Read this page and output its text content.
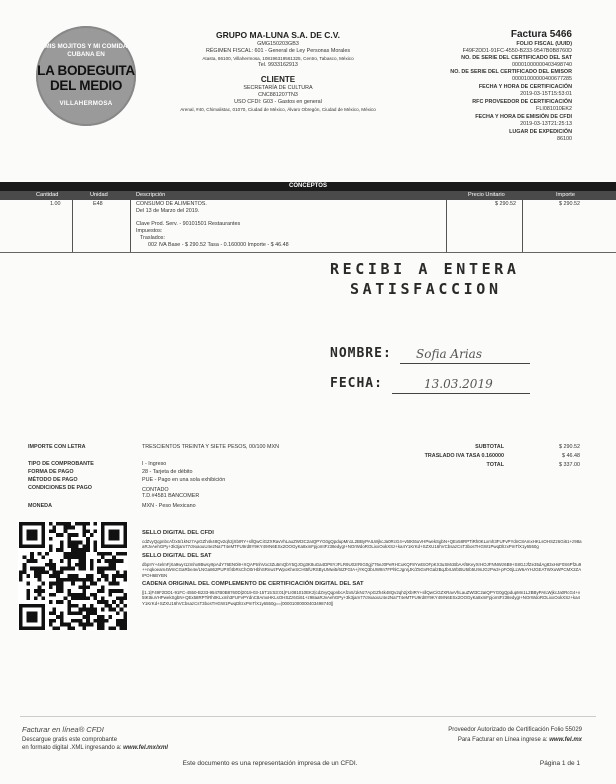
MIS MOJITOS Y MI COMIDA CUBANA EN
LA BODEGUITA DEL MEDIO
VILLAHERMOSA
GRUPO MA-LUNA S.A. DE C.V.
GMG150203GB3
RÉGIMEN FISCAL: 601 - General de Ley Personas Morales
Atasta, 86100, Villahermosa, 108196319561325, Centro, Tabasco, México
Tel. 9933162913
CLIENTE
SECRETARÍA DE CULTURA
CNC881207TN3
USO CFDI: G03 - Gastos en general
Arenal, #40, Chimalistac, 01070, Ciudad de México, Álvaro Obregón, Ciudad de México, México
Factura 5466
FOLIO FISCAL (UUID)
F49F2DD1-91FC-4550-B233-9547B0B8760D
NO. DE SERIE DEL CERTIFICADO DEL SAT
00001000000403498740
NO. DE SERIE DEL CERTIFICADO DEL EMISOR
00001000000400677285
FECHA Y HORA DE CERTIFICACIÓN
2019-03-15T15:53:01
RFC PROVEEDOR DE CERTIFICACIÓN
FLI081010EK2
FECHA Y HORA DE EMISIÓN DE CFDI
2019-03-13T21:25:13
LUGAR DE EXPEDICIÓN
86100
CONCEPTOS
Cantidad	Unidad	Descripción	Precio Unitario	Importe
1.00	E48	CONSUMO DE ALIMENTOS.
Del 13 de Marzo del 2019.
Clave Prod. Serv. - 90101501 Restaurantes
Impuestos:
Traslados:
002 IVA Base - $ 290.52 Tasa - 0.160000 Importe - $ 46.48
$ 290.52	$ 290.52
RECIBI A ENTERA
SATISFACCION
NOMBRE: Sofia Arias
FECHA:	13.03.2019
IMPORTE CON LETRA	TRESCIENTOS TREINTA Y SIETE PESOS, 00/100 MXN	SUBTOTAL	$ 290.52
TRASLADO IVA TASA 0.160000	$ 46.48
TOTAL	$ 337.00
TIPO DE COMPROBANTE	I - Ingreso
FORMA DE PAGO	28 - Tarjeta de débito
MÉTODO DE PAGO	PUE - Pago en una sola exhibición
CONDICIONES DE PAGO	CONTADO
T.D.#4581 BANCOMER
MONEDA	MXN - Peso Mexicano
SELLO DIGITAL DEL CFDI
cdZvyQqpnbcAfzx5/1kNz7ApGZh4k48Qv2qh2jXbIRY+sllQwCiGZXRavVhLauZWt3C2aIQPYG0gQpdupMn1L2BByPAILWjkcJa0RcG4+v5tKt6uVHPwekSgbN+QEx58RPTiRh0KLxmh3FUFvPYdnC8AmxHKLsOHSZz6Gi61+z98aaRJvAehGPy+3k3jam77c9oaouU4e2Na7T4eMTFU9rd8Y9KY49rN6ESx2OOGyKa8xmFpjomtFz38edygI+NOrWdoROLixxOokXSz+ka4Y1KrKd+SZXU16hVCbsazCsT3bosTHGW1PwqDlIzxPmTlX1y6550g
SELLO DIGITAL DEL SAT
dbpIIY+4elmFjXa9wyI12mhx9Bwsy9pAdY76EN0i9+XQAPtnhVoc3Zu5mQbY5QJOg3K8uGa4DP8YJFLR9U02rRIG0gj776eJ0PeRHCuKQF8YwtSOFpKX3uSMcBbAAf6KeyXrHOJFNNWz6B9+S8GJJfZe35dAg83xHsF0S6Pf2u9++nqkoeam4WmCGaRbe4e/LNGa862PUPXf4bRsChO0rHbhSRnwzFWpoKheSCHt5fURSByUMwi5/6IZFGtA+jYKQ3bUW8n7FPhlCJgnrjJK/Z5GvRGal2BqJbrLWbt5U5Ib5U9nJGzPw3+pFO0jLLW6AYHJGEATWXuWPCMX2ZAIPOH6BYBN
CADENA ORIGINAL DEL COMPLEMENTO DE CERTIFICACIÓN DIGITAL DEL SAT
||1.1|F49F2DD1-91FC-4550-B233-9547B0B8760D|2019-03-15T15:53:01|FLI081010EK2|cdZvyQqpnbcAfzx5/1kNz7ApGZh4k48Qv2qh2jXbIRY+sllQwCiGZXRavVhLauZWt3C2aIQPYG0gQpdupMn1L2BByPAILWjkcJa0RcG4+v5tKt6uVHPwekSgbN+QEx58RPTiRh0KLxmh3FUFvPYdnC8AmxHKLsOHSZz6Gi61+z98aaRJvAehGPy+3k3jam77c9oaouU4e2Na7T4eMTFU9rd8Y9KY49rN6ESx2OOGyKa8xmFpjomtFz38edygI+NOrWdoROLixxOokXSz+ka4Y1KrKd+SZXU16hVCbsazCsT3bosTHGW1PwqDlIzxPmTlX1y6550g==|00001000000403498740||
Facturar en línea® CFDI
Descargue gratis este comprobante
en formato digital .XML ingresando a: www.fel.mx/xml
Proveedor Autorizado de Certificación Folio 55029
Para Facturar en Línea ingrese a: www.fel.mx
Este documento es una representación impresa de un CFDI.	Página 1 de 1
